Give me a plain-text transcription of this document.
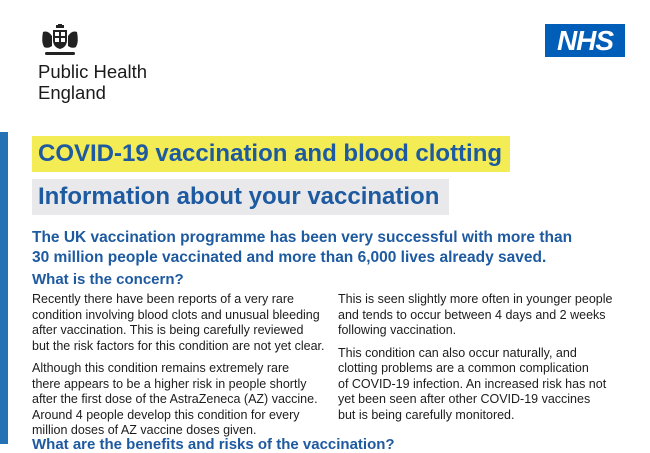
Public Health
England
NHS
COVID-19 vaccination and blood clotting
Information about your vaccination
The UK vaccination programme has been very successful with more than
30 million people vaccinated and more than 6,000 lives already saved.
What is the concern?

Recently there have been reports of a very rare
condition involving blood clots and unusual bleeding
after vaccination. This is being carefully reviewed
but the risk factors for this condition are not yet clear.

Although this condition remains extremely rare
there appears to be a higher risk in people shortly
after the first dose of the AstraZeneca (AZ) vaccine.
Around 4 people develop this condition for every
million doses of AZ vaccine doses given.

This is seen slightly more often in younger people
and tends to occur between 4 days and 2 weeks
following vaccination.

This condition can also occur naturally, and
clotting problems are a common complication
of COVID-19 infection. An increased risk has not
yet been seen after other COVID-19 vaccines
but is being carefully monitored.

What are the benefits and risks of the vaccination?
